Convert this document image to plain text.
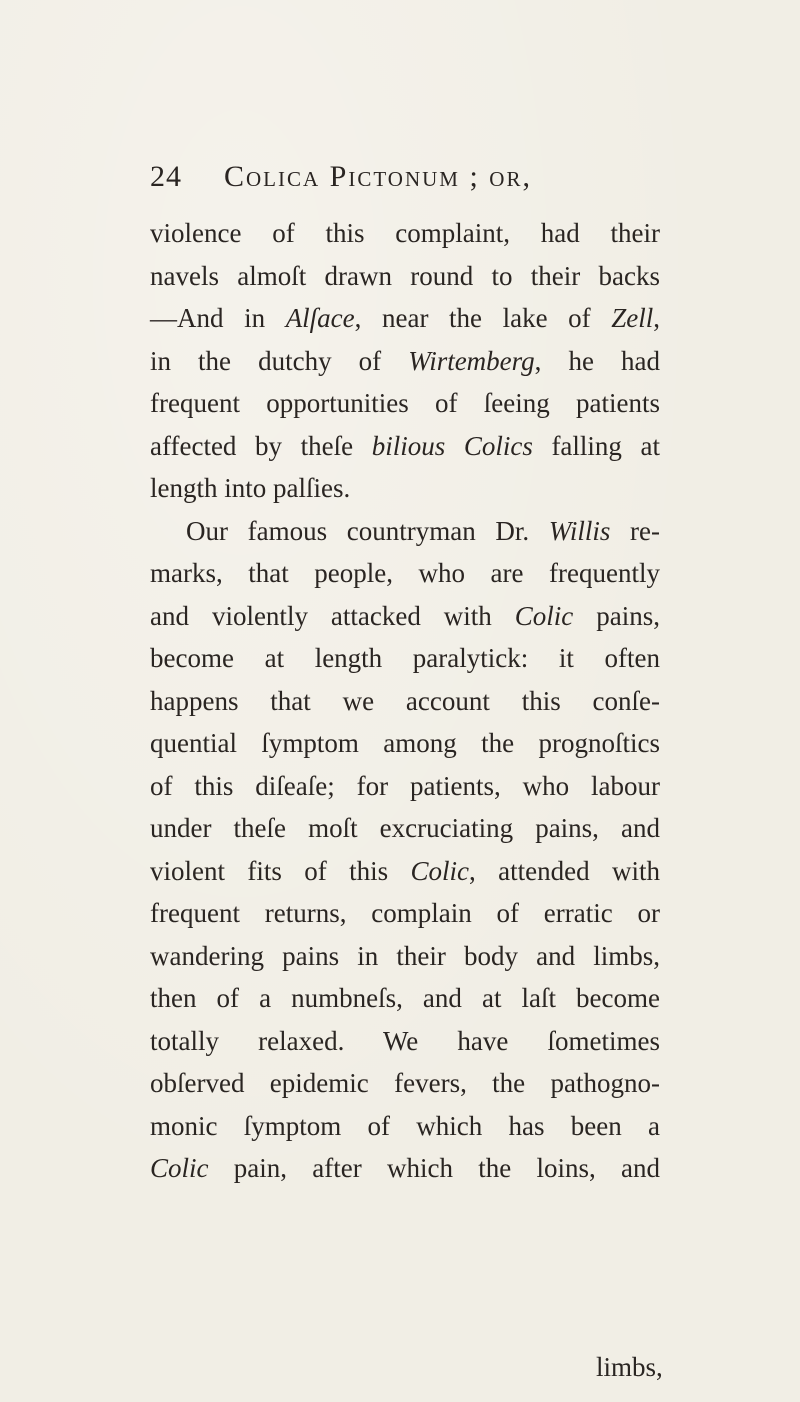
24 Colica Pictonum ; or,
violence of this complaint, had their
navels almoſt drawn round to their backs
—And in Alſace, near the lake of Zell,
in the dutchy of Wirtemberg, he had
frequent opportunities of ſeeing patients
affected by theſe bilious Colics falling at
length into palſies.
Our famous countryman Dr. Willis re-
marks, that people, who are frequently
and violently attacked with Colic pains,
become at length paralytick: it often
happens that we account this conſe-
quential ſymptom among the prognoſtics
of this diſeaſe; for patients, who labour
under theſe moſt excruciating pains, and
violent fits of this Colic, attended with
frequent returns, complain of erratic or
wandering pains in their body and limbs,
then of a numbneſs, and at laſt become
totally relaxed. We have ſometimes
obſerved epidemic fevers, the pathogno-
monic ſymptom of which has been a
Colic pain, after which the loins, and
limbs,
